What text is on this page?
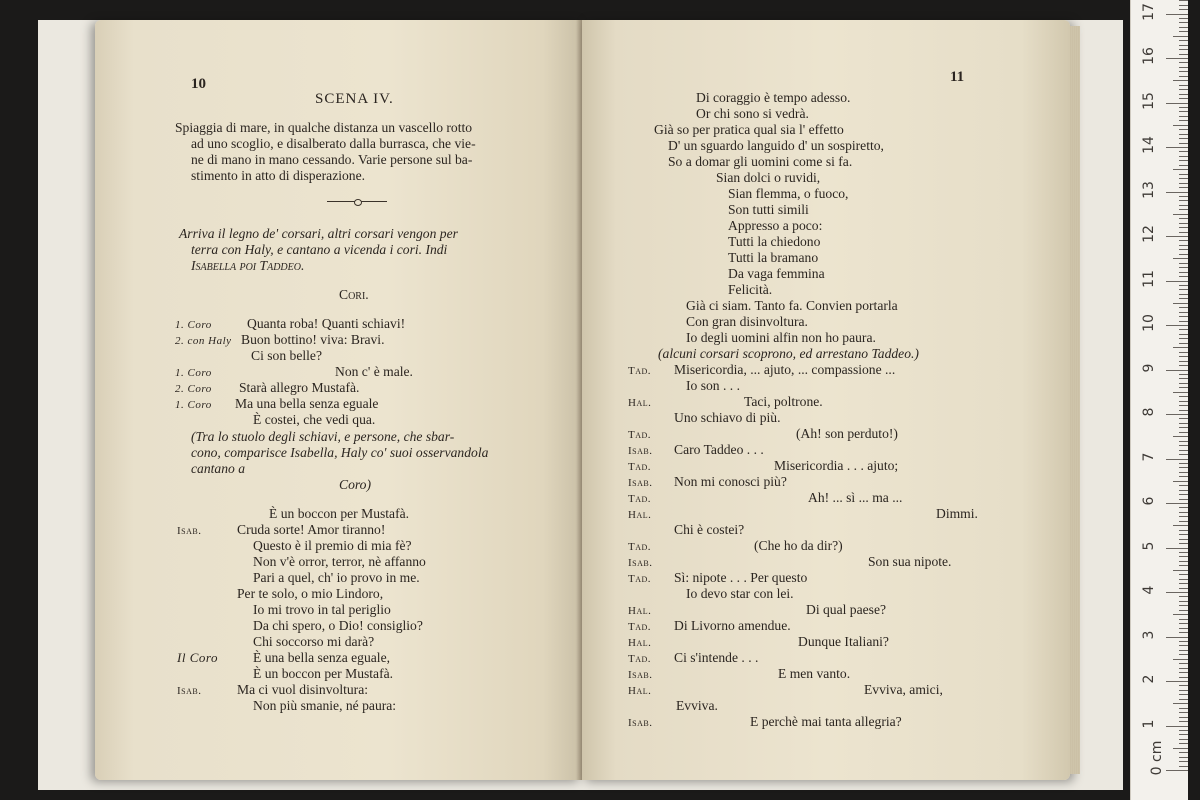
10
SCENA IV.
Spiaggia di mare, in qualche distanza un vascello rotto
ad uno scoglio, e disalberato dalla burrasca, che vie-
ne di mano in mano cessando. Varie persone sul ba-
stimento in atto di disperazione.
Arriva il legno de' corsari, altri corsari vengon per
terra con Haly, e cantano a vicenda i cori. Indi
Isabella poi Taddeo.
Cori.
1. Coro	Quanta roba! Quanti schiavi!
2. con Haly Buon bottino! viva: Bravi.
Ci son belle?
1. Coro	Non c' è male.
2. Coro Starà allegro Mustafà.
1. Coro Ma una bella senza eguale
È costei, che vedi qua.
(Tra lo stuolo degli schiavi, e persone, che sbar-
cono, comparisce Isabella, Haly co' suoi osservandola
cantano a
Coro)
È un boccon per Mustafà.
Isab.	Cruda sorte! Amor tiranno!
Questo è il premio di mia fè?
Non v'è orror, terror, nè affanno
Pari a quel, ch' io provo in me.
Per te solo, o mio Lindoro,
Io mi trovo in tal periglio
Da chi spero, o Dio! consiglio?
Chi soccorso mi darà?
Il Coro	È una bella senza eguale,
È un boccon per Mustafà.
Isab.	Ma ci vuol disinvoltura:
Non più smanie, né paura:
11
Di coraggio è tempo adesso.
Or chi sono si vedrà.
Già so per pratica qual sia l' effetto
D' un sguardo languido d' un sospiretto,
So a domar gli uomini come si fa.
Sian dolci o ruvidi,
Sian flemma, o fuoco,
Son tutti simili
Appresso a poco:
Tutti la chiedono
Tutti la bramano
Da vaga femmina
Felicità.
Già ci siam. Tanto fa. Convien portarla
Con gran disinvoltura.
Io degli uomini alfin non ho paura.
(alcuni corsari scoprono, ed arrestano Taddeo.)
Tad. Misericordia, ... ajuto, ... compassione ...
Io son . . .
Hal.	Taci, poltrone.
Uno schiavo di più.
Tad.	(Ah! son perduto!)
Isab. Caro Taddeo . . .
Tad.	Misericordia . . . ajuto;
Isab. Non mi conosci più?
Tad.	Ah! ... sì ... ma ...
Hal.	Dimmi.
Chi è costei?
Tad.	(Che ho da dir?)
Isab.	Son sua nipote.
Tad. Sì: nipote . . . Per questo
Io devo star con lei.
Hal.	Di qual paese?
Tad. Di Livorno amendue.
Hal.	Dunque Italiani?
Tad. Ci s'intende . . .
Isab.	E men vanto.
Hal.	Evviva, amici,
Evviva.
Isab.	E perchè mai tanta allegria?
0 cm
1
2
3
4
5
6
7
8
9
10
11
12
13
14
15
16
17
